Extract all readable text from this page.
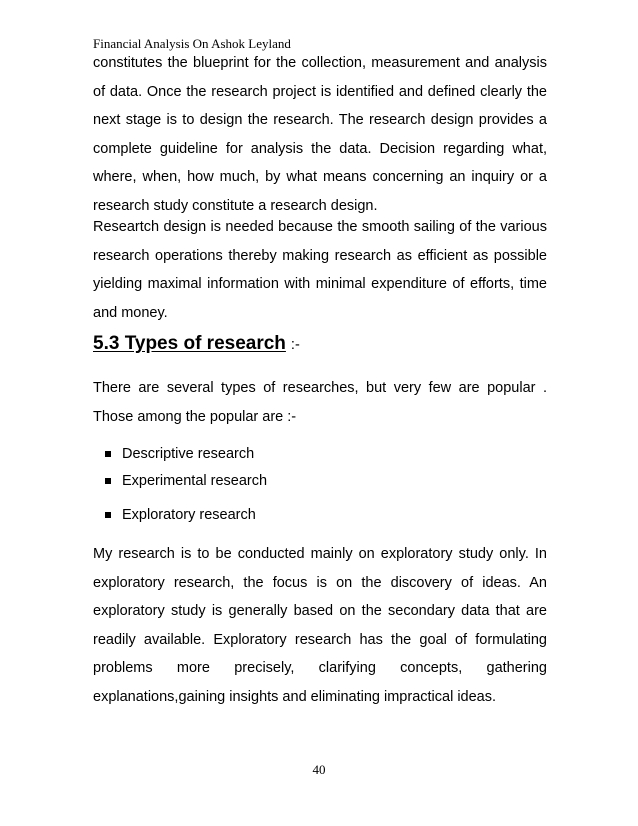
Financial Analysis On Ashok Leyland

constitutes the blueprint for the collection, measurement and analysis of data. Once the research project is identified and defined clearly the next stage is to design the research. The research design provides a complete guideline for analysis the data. Decision regarding what, where, when, how much, by what means concerning an inquiry or a research study constitute a research design.

Researtch design is needed because the smooth sailing of the various research operations thereby making research as efficient as possible yielding maximal information with minimal expenditure of efforts, time and money.

5.3 Types of research :-

There are several types of researches, but very few are popular . Those among the popular are :-

Descriptive research
Experimental research
Exploratory research

My research is to be conducted mainly on exploratory study only. In exploratory research, the focus is on the discovery of ideas. An exploratory study is generally based on the secondary data that are readily available. Exploratory research has the goal of formulating problems more precisely, clarifying concepts, gathering explanations,gaining insights and eliminating impractical ideas.

40
